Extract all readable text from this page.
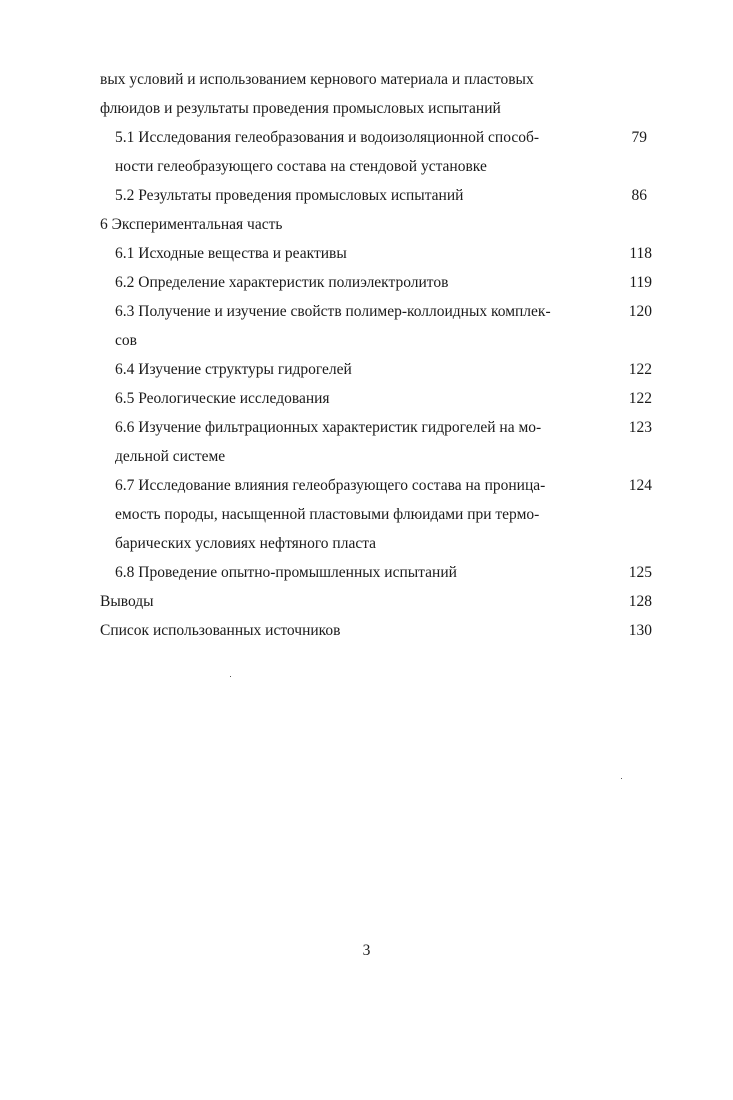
вых условий и использованием кернового материала и пластовых
флюидов и результаты проведения промысловых испытаний
5.1 Исследования гелеобразования и водоизоляционной способ-	79
ности гелеобразующего состава на стендовой установке
5.2 Результаты проведения промысловых испытаний	86
6 Экспериментальная часть
6.1 Исходные вещества и реактивы	118
6.2 Определение характеристик полиэлектролитов	119
6.3 Получение и изучение свойств полимер-коллоидных комплек-	120
сов
6.4 Изучение структуры гидрогелей	122
6.5 Реологические исследования	122
6.6 Изучение фильтрационных характеристик гидрогелей на мо-	123
дельной системе
6.7 Исследование влияния гелеобразующего состава на проница-	124
емость породы, насыщенной пластовыми флюидами при термо-
барических условиях нефтяного пласта
6.8 Проведение опытно-промышленных испытаний	125
Выводы	128
Список использованных источников	130
3
